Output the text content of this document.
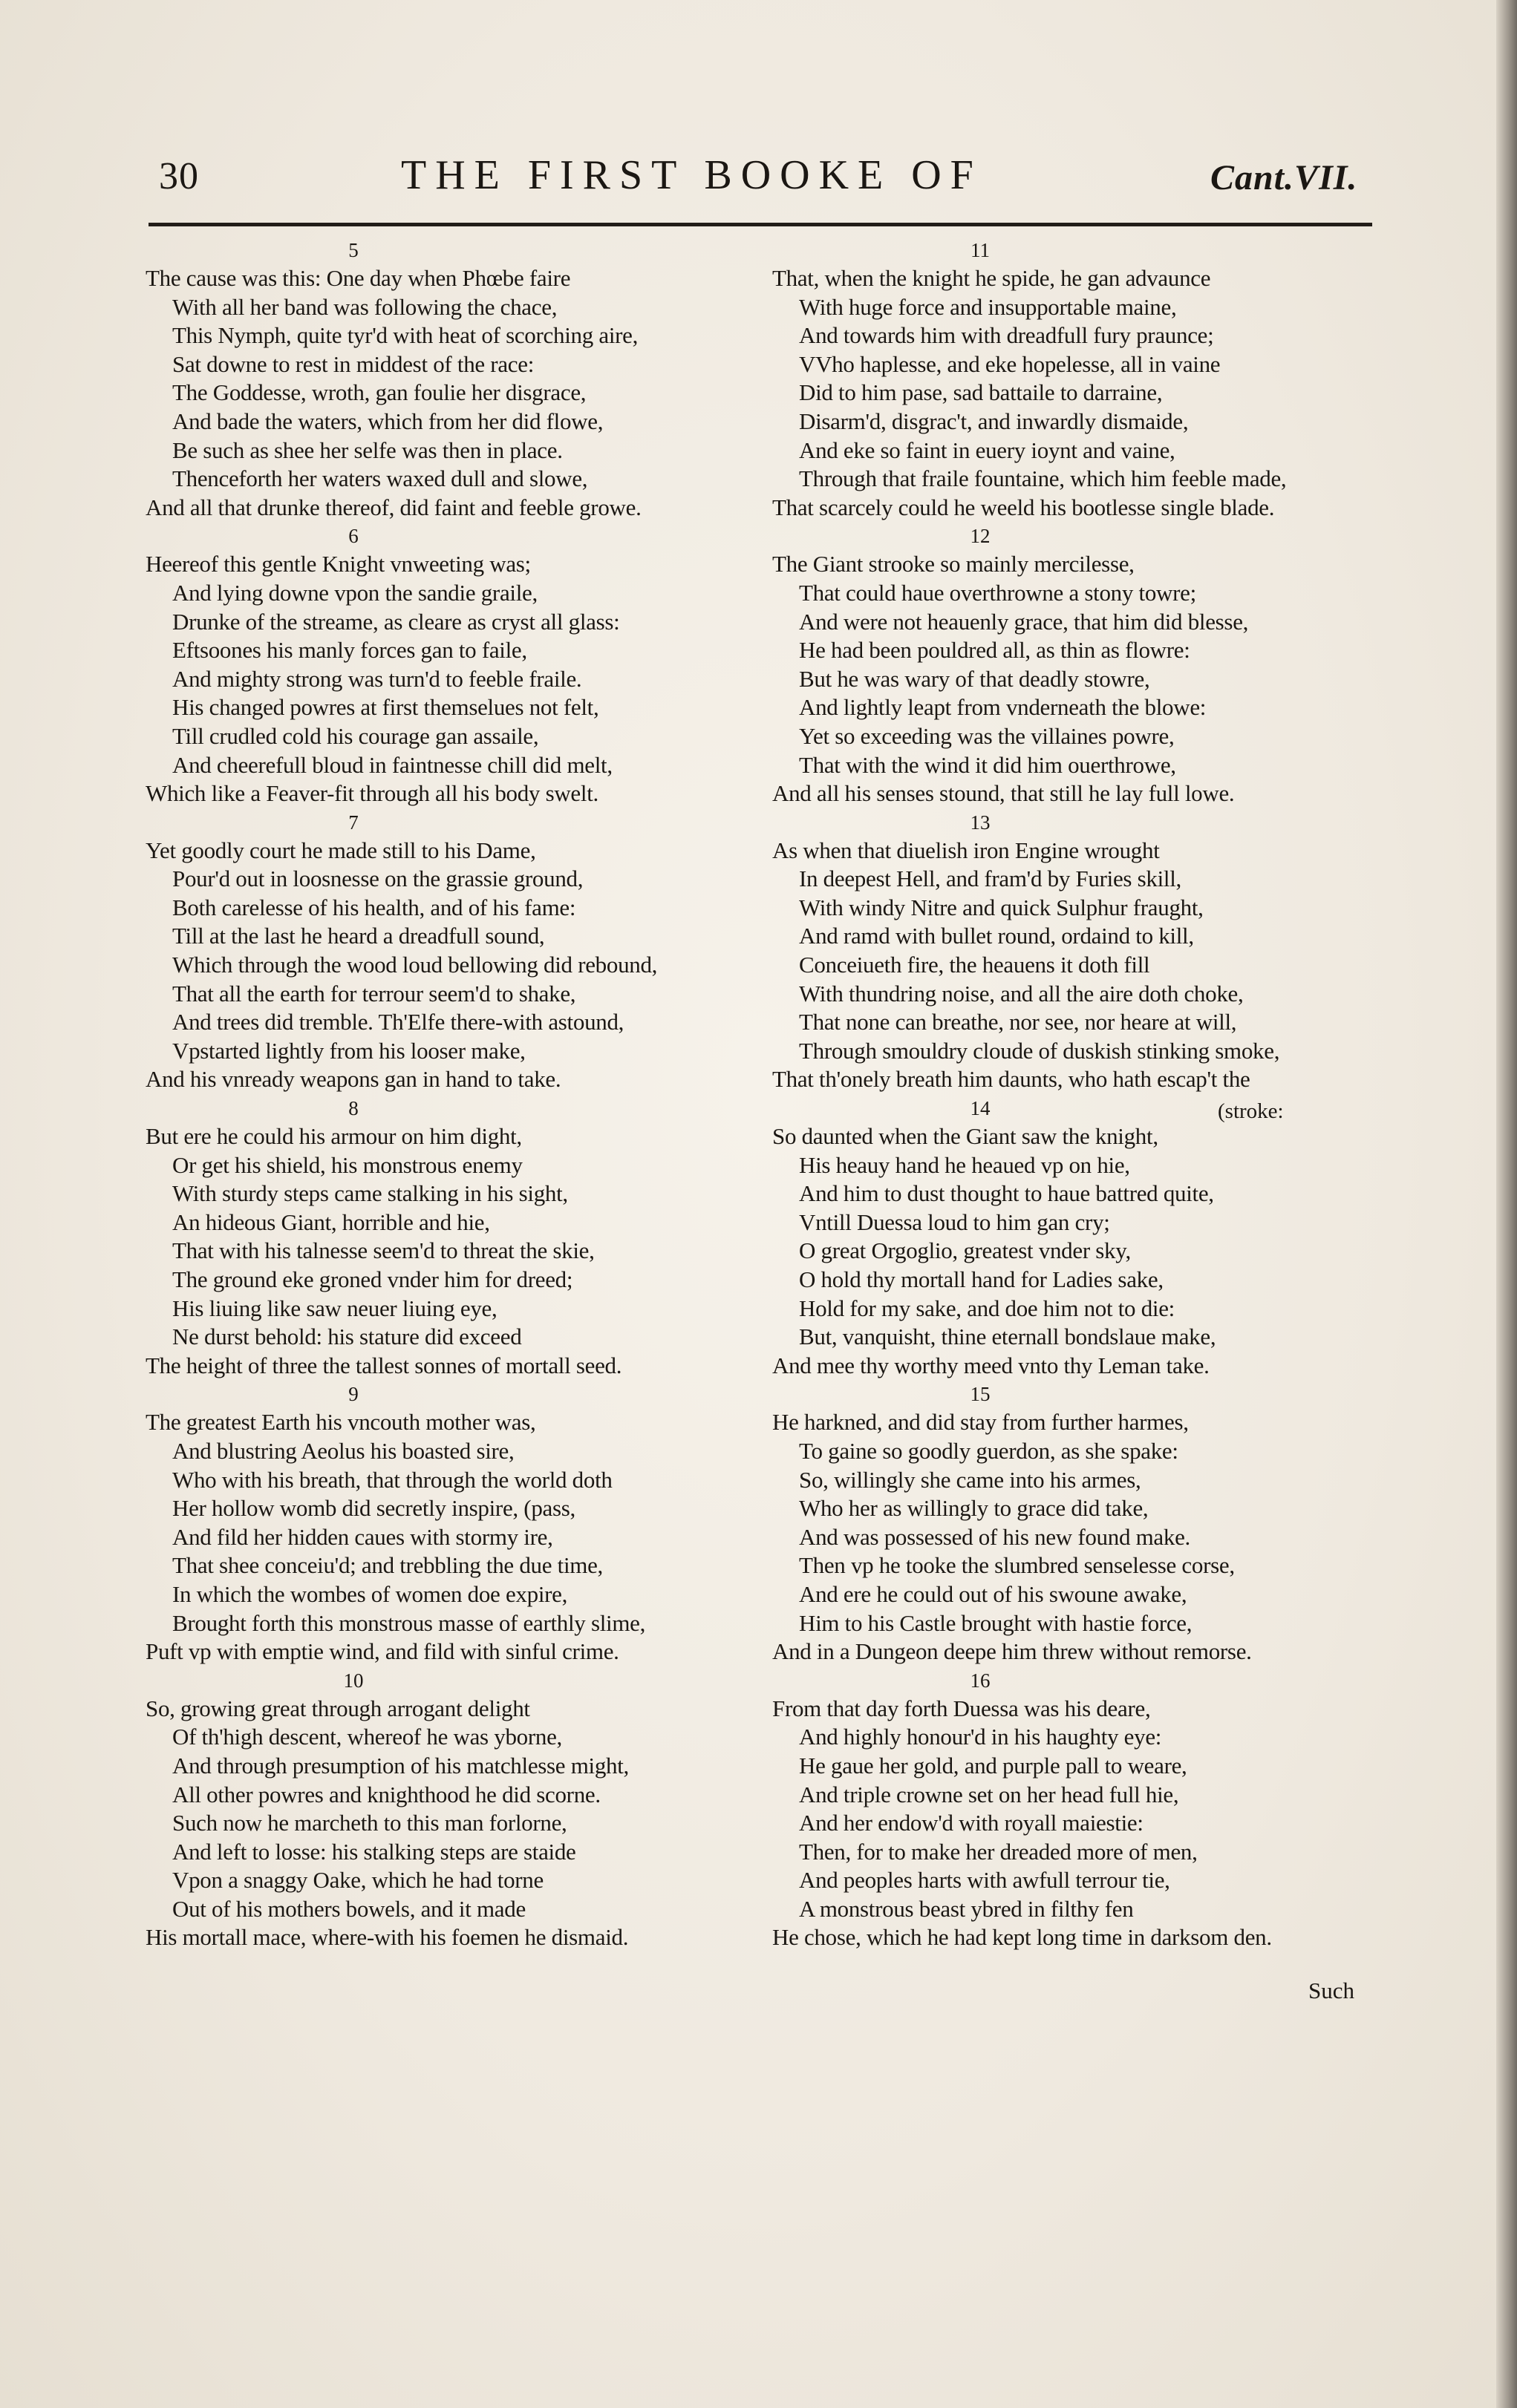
30	THE FIRST BOOKE OF	Cant.VII.
5
The cause was this: One day when Phœbe faire
With all her band was following the chace,
This Nymph, quite tyr'd with heat of scorching aire,
Sat downe to rest in middest of the race:
The Goddesse, wroth, gan foulie her disgrace,
And bade the waters, which from her did flowe,
Be such as shee her selfe was then in place.
Thenceforth her waters waxed dull and slowe,
And all that drunke thereof, did faint and feeble growe.
6
Heereof this gentle Knight vnweeting was;
And lying downe vpon the sandie graile,
Drunke of the streame, as cleare as cryst all glass:
Eftsoones his manly forces gan to faile,
And mighty strong was turn'd to feeble fraile.
His changed powres at first themselues not felt,
Till crudled cold his courage gan assaile,
And cheerefull bloud in faintnesse chill did melt,
Which like a Feaver-fit through all his body swelt.
7
Yet goodly court he made still to his Dame,
Pour'd out in loosnesse on the grassie ground,
Both carelesse of his health, and of his fame:
Till at the last he heard a dreadfull sound,
Which through the wood loud bellowing did rebound,
That all the earth for terrour seem'd to shake,
And trees did tremble. Th'Elfe there-with astound,
Vpstarted lightly from his looser make,
And his vnready weapons gan in hand to take.
8
But ere he could his armour on him dight,
Or get his shield, his monstrous enemy
With sturdy steps came stalking in his sight,
An hideous Giant, horrible and hie,
That with his talnesse seem'd to threat the skie,
The ground eke groned vnder him for dreed;
His liuing like saw neuer liuing eye,
Ne durst behold: his stature did exceed
The height of three the tallest sonnes of mortall seed.
9
The greatest Earth his vncouth mother was,
And blustring Aeolus his boasted sire,
Who with his breath, that through the world doth
Her hollow womb did secretly inspire, (pass,
And fild her hidden caues with stormy ire,
That shee conceiu'd; and trebbling the due time,
In which the wombes of women doe expire,
Brought forth this monstrous masse of earthly slime,
Puft vp with emptie wind, and fild with sinful crime.
10
So, growing great through arrogant delight
Of th'high descent, whereof he was yborne,
And through presumption of his matchlesse might,
All other powres and knighthood he did scorne.
Such now he marcheth to this man forlorne,
And left to losse: his stalking steps are staide
Vpon a snaggy Oake, which he had torne
Out of his mothers bowels, and it made
His mortall mace, where-with his foemen he dismaid.
11
That, when the knight he spide, he gan advaunce
With huge force and insupportable maine,
And towards him with dreadfull fury praunce;
VVho haplesse, and eke hopelesse, all in vaine
Did to him pase, sad battaile to darraine,
Disarm'd, disgrac't, and inwardly dismaide,
And eke so faint in euery ioynt and vaine,
Through that fraile fountaine, which him feeble made,
That scarcely could he weeld his bootlesse single blade.
12
The Giant strooke so mainly mercilesse,
That could haue overthrowne a stony towre;
And were not heauenly grace, that him did blesse,
He had been pouldred all, as thin as flowre:
But he was wary of that deadly stowre,
And lightly leapt from vnderneath the blowe:
Yet so exceeding was the villaines powre,
That with the wind it did him ouerthrowe,
And all his senses stound, that still he lay full lowe.
13
As when that diuelish iron Engine wrought
In deepest Hell, and fram'd by Furies skill,
With windy Nitre and quick Sulphur fraught,
And ramd with bullet round, ordaind to kill,
Conceiueth fire, the heauens it doth fill
With thundring noise, and all the aire doth choke,
That none can breathe, nor see, nor heare at will,
Through smouldry cloude of duskish stinking smoke,
That th'onely breath him daunts, who hath escap't the
14	(stroke:
So daunted when the Giant saw the knight,
His heauy hand he heaued vp on hie,
And him to dust thought to haue battred quite,
Vntill Duessa loud to him gan cry;
O great Orgoglio, greatest vnder sky,
O hold thy mortall hand for Ladies sake,
Hold for my sake, and doe him not to die:
But, vanquisht, thine eternall bondslaue make,
And mee thy worthy meed vnto thy Leman take.
15
He harkned, and did stay from further harmes,
To gaine so goodly guerdon, as she spake:
So, willingly she came into his armes,
Who her as willingly to grace did take,
And was possessed of his new found make.
Then vp he tooke the slumbred senselesse corse,
And ere he could out of his swoune awake,
Him to his Castle brought with hastie force,
And in a Dungeon deepe him threw without remorse.
16
From that day forth Duessa was his deare,
And highly honour'd in his haughty eye:
He gaue her gold, and purple pall to weare,
And triple crowne set on her head full hie,
And her endow'd with royall maiestie:
Then, for to make her dreaded more of men,
And peoples harts with awfull terrour tie,
A monstrous beast ybred in filthy fen
He chose, which he had kept long time in darksom den.
Such
